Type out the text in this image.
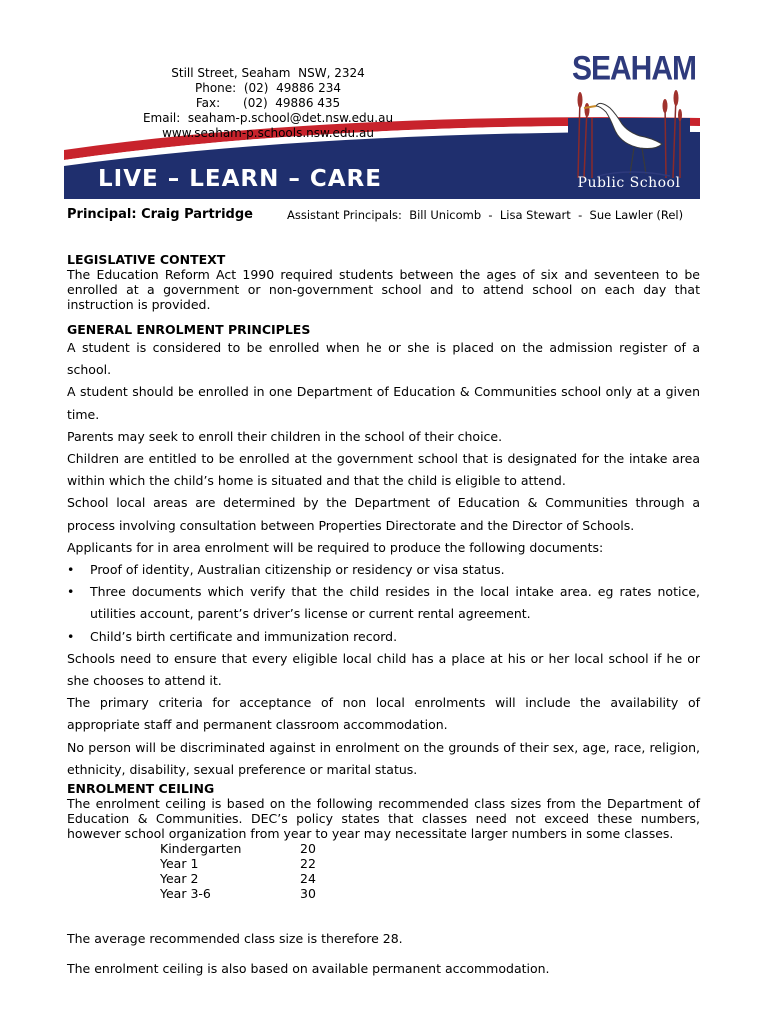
Still Street, Seaham  NSW, 2324
Phone:  (02)  49886 234
Fax:      (02)  49886 435
Email:  seaham-p.school@det.nsw.edu.au
www.seaham-p.schools.nsw.edu.au
SEAHAM
LIVE – LEARN – CARE	Public School
Principal: Craig Partridge	Assistant Principals:  Bill Unicomb  -  Lisa Stewart  -  Sue Lawler (Rel)

LEGISLATIVE CONTEXT

The Education Reform Act 1990 required students between the ages of six and seventeen to be enrolled at a government or non-government school and to attend school on each day that instruction is provided.

GENERAL ENROLMENT PRINCIPLES

A student is considered to be enrolled when he or she is placed on the admission register of a school.

A student should be enrolled in one Department of Education & Communities school only at a given time.

Parents may seek to enroll their children in the school of their choice.

Children are entitled to be enrolled at the government school that is designated for the intake area within which the child’s home is situated and that the child is eligible to attend.

School local areas are determined by the Department of Education & Communities through a process involving consultation between Properties Directorate and the Director of Schools.

Applicants for in area enrolment will be required to produce the following documents:

• Proof of identity, Australian citizenship or residency or visa status.
• Three documents which verify that the child resides in the local intake area. eg rates notice, utilities account, parent’s driver’s license or current rental agreement.
• Child’s birth certificate and immunization record.

Schools need to ensure that every eligible local child has a place at his or her local school if he or she chooses to attend it.

The primary criteria for acceptance of non local enrolments will include the availability of appropriate staff and permanent classroom accommodation.

No person will be discriminated against in enrolment on the grounds of their sex, age, race, religion, ethnicity, disability, sexual preference or marital status.

ENROLMENT CEILING

The enrolment ceiling is based on the following recommended class sizes from the Department of Education & Communities. DEC’s policy states that classes need not exceed these numbers, however school organization from year to year may necessitate larger numbers in some classes.

Kindergarten	20
Year 1	22
Year 2	24
Year 3-6	30

The average recommended class size is therefore 28.

The enrolment ceiling is also based on available permanent accommodation.
